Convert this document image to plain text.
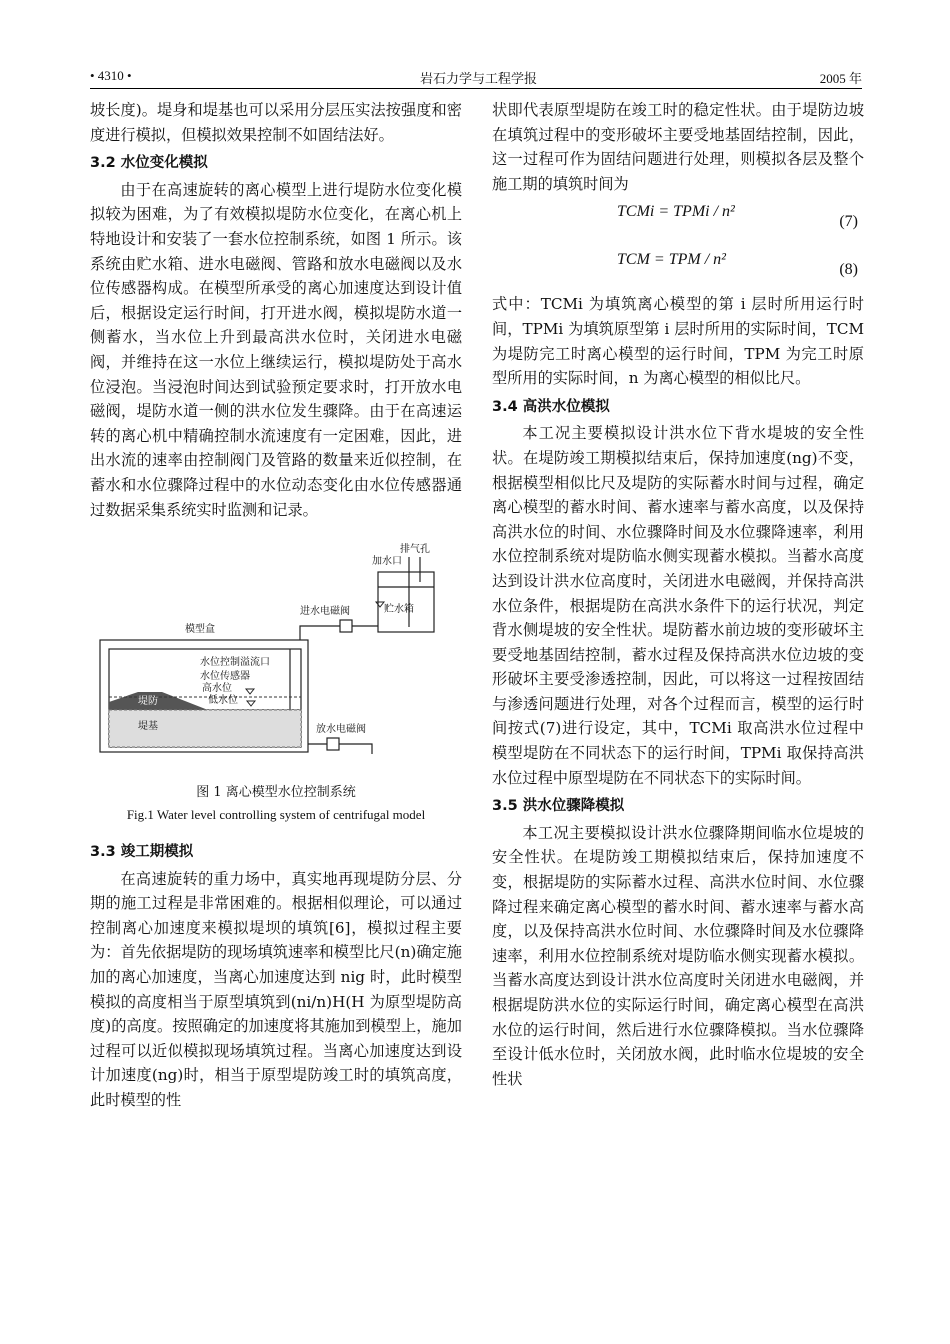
• 4310 •	岩石力学与工程学报	2005 年

坡长度)。堤身和堤基也可以采用分层压实法按强度和密度进行模拟，但模拟效果控制不如固结法好。

3.2 水位变化模拟

由于在高速旋转的离心模型上进行堤防水位变化模拟较为困难，为了有效模拟堤防水位变化，在离心机上特地设计和安装了一套水位控制系统，如图 1 所示。该系统由贮水箱、进水电磁阀、管路和放水电磁阀以及水位传感器构成。在模型所承受的离心加速度达到设计值后，根据设定运行时间，打开进水阀，模拟堤防水道一侧蓄水，当水位上升到最高洪水位时，关闭进水电磁阀，并维持在这一水位上继续运行，模拟堤防处于高水位浸泡。当浸泡时间达到试验预定要求时，打开放水电磁阀，堤防水道一侧的洪水位发生骤降。由于在高速运转的离心机中精确控制水流速度有一定困难，因此，进出水流的速率由控制阀门及管路的数量来近似控制，在蓄水和水位骤降过程中的水位动态变化由水位传感器通过数据采集系统实时监测和记录。

排气孔
加水口
贮水箱
进水电磁阀
模型盒
水位控制溢流口
水位传感器
高水位
低水位
堤防
堤基	放水电磁阀
图 1 离心模型水位控制系统
Fig.1 Water level controlling system of centrifugal model
3.3 竣工期模拟

在高速旋转的重力场中，真实地再现堤防分层、分期的施工过程是非常困难的。根据相似理论，可以通过控制离心加速度来模拟堤坝的填筑[6]，模拟过程主要为：首先依据堤防的现场填筑速率和模型比尺(n)确定施加的离心加速度，当离心加速度达到 nig 时，此时模型模拟的高度相当于原型填筑到(ni/n)H(H 为原型堤防高度)的高度。按照确定的加速度将其施加到模型上，施加过程可以近似模拟现场填筑过程。当离心加速度达到设计加速度(ng)时，相当于原型堤防竣工时的填筑高度，此时模型的性

状即代表原型堤防在竣工时的稳定性状。由于堤防边坡在填筑过程中的变形破坏主要受地基固结控制，因此，这一过程可作为固结问题进行处理，则模拟各层及整个施工期的填筑时间为

TCMi = TPMi / n²
(7)
TCM = TPM / n²
(8)

式中：TCMi 为填筑离心模型的第 i 层时所用运行时间，TPMi 为填筑原型第 i 层时所用的实际时间，TCM 为堤防完工时离心模型的运行时间，TPM 为完工时原型所用的实际时间，n 为离心模型的相似比尺。

3.4 高洪水位模拟

本工况主要模拟设计洪水位下背水堤坡的安全性状。在堤防竣工期模拟结束后，保持加速度(ng)不变，根据模型相似比尺及堤防的实际蓄水时间与过程，确定离心模型的蓄水时间、蓄水速率与蓄水高度，以及保持高洪水位的时间、水位骤降时间及水位骤降速率，利用水位控制系统对堤防临水侧实现蓄水模拟。当蓄水高度达到设计洪水位高度时，关闭进水电磁阀，并保持高洪水位条件，根据堤防在高洪水条件下的运行状况，判定背水侧堤坡的安全性状。堤防蓄水前边坡的变形破坏主要受地基固结控制，蓄水过程及保持高洪水位边坡的变形破坏主要受渗透控制，因此，可以将这一过程按固结与渗透问题进行处理，对各个过程而言，模型的运行时间按式(7)进行设定，其中，TCMi 取高洪水位过程中模型堤防在不同状态下的运行时间，TPMi 取保持高洪水位过程中原型堤防在不同状态下的实际时间。

3.5 洪水位骤降模拟

本工况主要模拟设计洪水位骤降期间临水位堤坡的安全性状。在堤防竣工期模拟结束后，保持加速度不变，根据堤防的实际蓄水过程、高洪水位时间、水位骤降过程来确定离心模型的蓄水时间、蓄水速率与蓄水高度，以及保持高洪水位时间、水位骤降时间及水位骤降速率，利用水位控制系统对堤防临水侧实现蓄水模拟。当蓄水高度达到设计洪水位高度时关闭进水电磁阀，并根据堤防洪水位的实际运行时间，确定离心模型在高洪水位的运行时间，然后进行水位骤降模拟。当水位骤降至设计低水位时，关闭放水阀，此时临水位堤坡的安全性状
